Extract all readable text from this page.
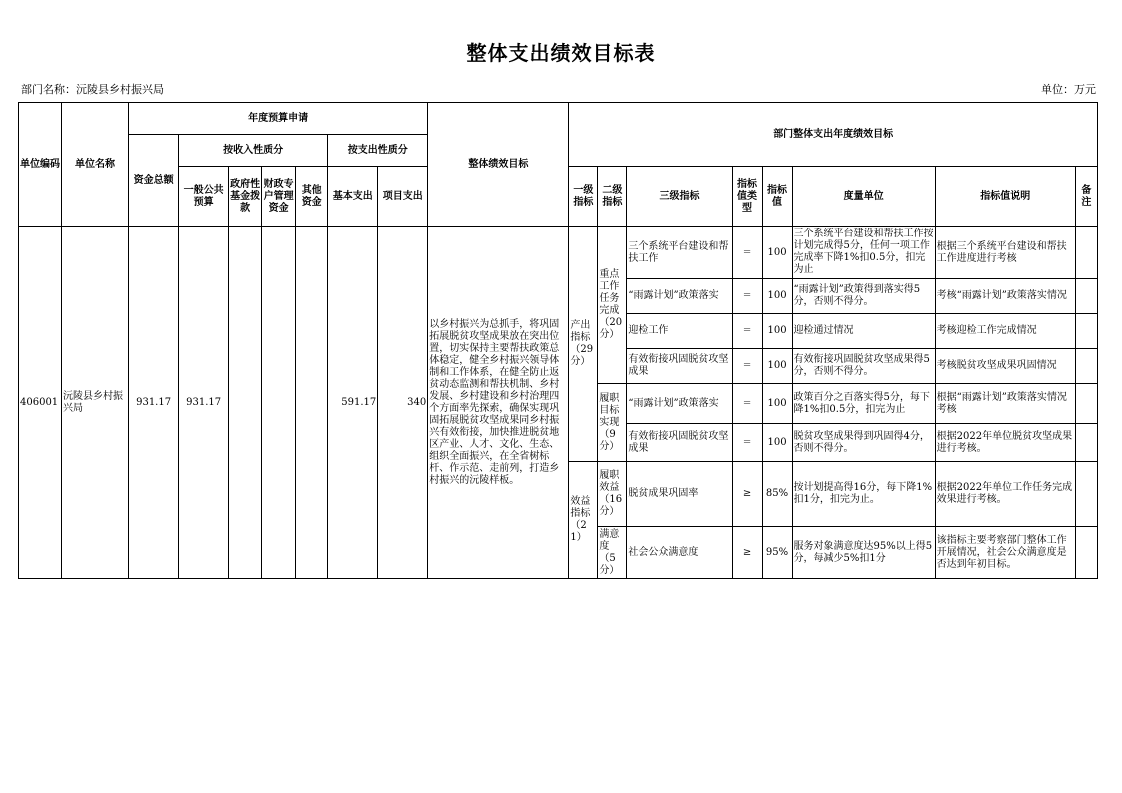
整体支出绩效目标表
部门名称：沅陵县乡村振兴局	单位：万元
单位编码	单位名称	年度预算申请							整体绩效目标	部门整体支出年度绩效目标							
		资金总额	按收入性质分				按支出性质分										
			一般公共预算	政府性基金拨款	财政专户管理资金	其他资金	基本支出	项目支出		一级指标	二级指标	三级指标	指标值类型	指标值	度量单位	指标值说明	备注

406001	沅陵县乡村振兴局	931.17	931.17				591.17	340	以乡村振兴为总抓手，将巩固拓展脱贫攻坚成果放在突出位置，切实保持主要帮扶政策总体稳定，健全乡村振兴领导体制和工作体系，在健全防止返贫动态监测和帮扶机制、乡村发展、乡村建设和乡村治理四个方面率先探索，确保实现巩固拓展脱贫攻坚成果同乡村振兴有效衔接，加快推进脱贫地区产业、人才、文化、生态、组织全面振兴，在全省树标杆、作示范、走前列，打造乡村振兴的沅陵样板。	产出指标（29分）	重点工作任务完成（20分）	三个系统平台建设和帮扶工作	=	100	三个系统平台建设和帮扶工作按计划完成得5分，任何一项工作完成率下降1%扣0.5分，扣完为止	根据三个系统平台建设和帮扶工作进度进行考核	
												“雨露计划”政策落实	=	100	“雨露计划”政策得到落实得5分，否则不得分。	考核“雨露计划”政策落实情况	
												迎检工作	=	100	迎检通过情况	考核迎检工作完成情况	
												有效衔接巩固脱贫攻坚成果	=	100	有效衔接巩固脱贫攻坚成果得5分，否则不得分。	考核脱贫攻坚成果巩固情况	
											履职目标实现（9分）	“雨露计划”政策落实	=	100	政策百分之百落实得5分，每下降1%扣0.5分，扣完为止	根据“雨露计划”政策落实情况考核	
												有效衔接巩固脱贫攻坚成果	=	100	脱贫攻坚成果得到巩固得4分，否则不得分。	根据2022年单位脱贫攻坚成果进行考核。	
										效益指标（21）	履职效益（16分）	脱贫成果巩固率	≥	85%	按计划提高得16分，每下降1%扣1分，扣完为止。	根据2022年单位工作任务完成效果进行考核。	
											满意度（5分）	社会公众满意度	≥	95%	服务对象满意度达95%以上得5分，每减少5%扣1分	该指标主要考察部门整体工作开展情况，社会公众满意度是否达到年初目标。	
